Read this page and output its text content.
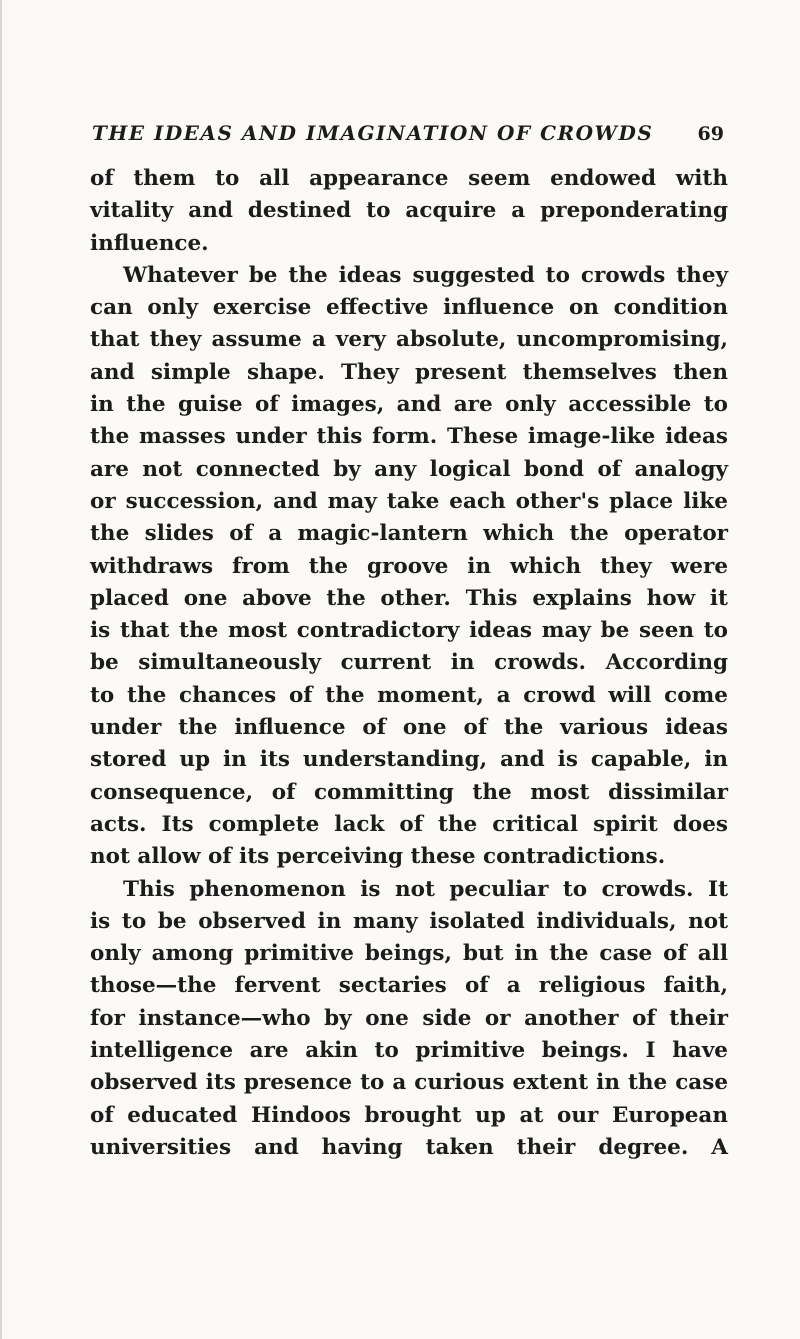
THE IDEAS AND IMAGINATION OF CROWDS 69

of them to all appearance seem endowed with
vitality and destined to acquire a preponderating
influence.

Whatever be the ideas suggested to crowds they
can only exercise effective influence on condition
that they assume a very absolute, uncompromising,
and simple shape. They present themselves then
in the guise of images, and are only accessible to
the masses under this form. These image-like ideas
are not connected by any logical bond of analogy
or succession, and may take each other's place like
the slides of a magic-lantern which the operator
withdraws from the groove in which they were
placed one above the other. This explains how it
is that the most contradictory ideas may be seen to
be simultaneously current in crowds. According
to the chances of the moment, a crowd will come
under the influence of one of the various ideas
stored up in its understanding, and is capable, in
consequence, of committing the most dissimilar
acts. Its complete lack of the critical spirit does
not allow of its perceiving these contradictions.

This phenomenon is not peculiar to crowds. It
is to be observed in many isolated individuals, not
only among primitive beings, but in the case of all
those—the fervent sectaries of a religious faith,
for instance—who by one side or another of their
intelligence are akin to primitive beings. I have
observed its presence to a curious extent in the case
of educated Hindoos brought up at our European
universities and having taken their degree. A
